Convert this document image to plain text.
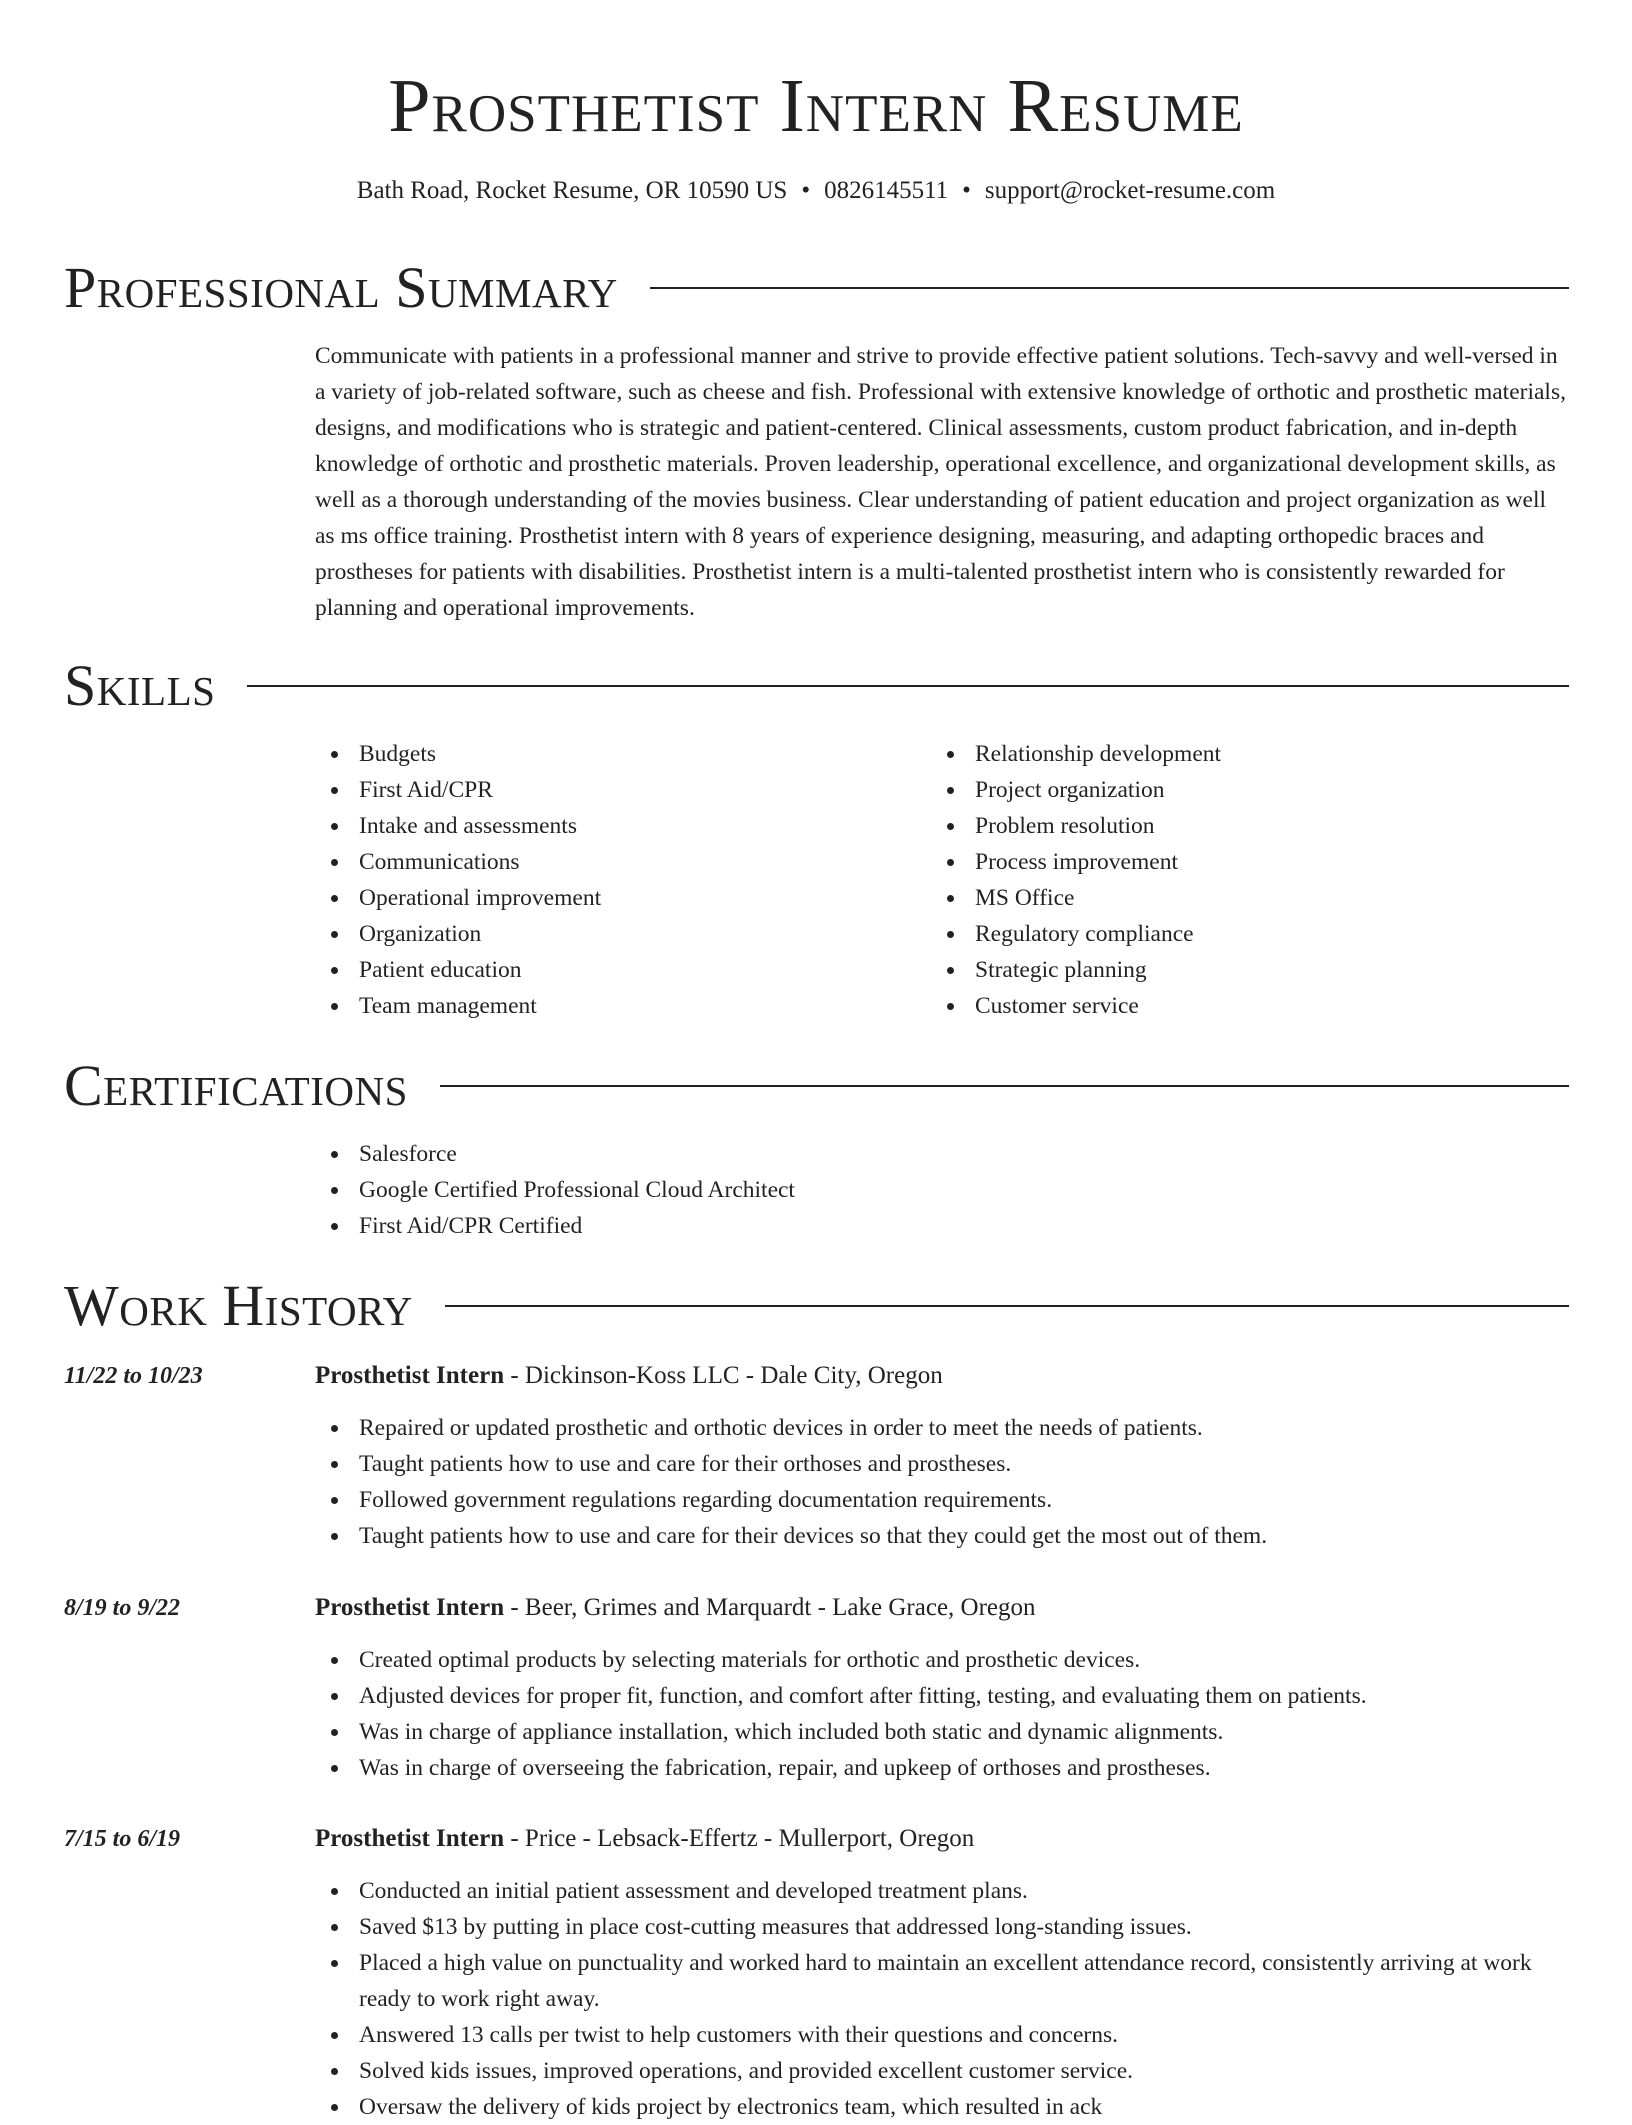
Prosthetist Intern Resume
Bath Road, Rocket Resume, OR 10590 US • 0826145511 • support@rocket-resume.com
Professional Summary

Communicate with patients in a professional manner and strive to provide effective patient solutions. Tech-savvy and well-versed in a variety of job-related software, such as cheese and fish. Professional with extensive knowledge of orthotic and prosthetic materials, designs, and modifications who is strategic and patient-centered. Clinical assessments, custom product fabrication, and in-depth knowledge of orthotic and prosthetic materials. Proven leadership, operational excellence, and organizational development skills, as well as a thorough understanding of the movies business. Clear understanding of patient education and project organization as well as ms office training. Prosthetist intern with 8 years of experience designing, measuring, and adapting orthopedic braces and prostheses for patients with disabilities. Prosthetist intern is a multi-talented prosthetist intern who is consistently rewarded for planning and operational improvements.

Skills
Budgets
First Aid/CPR
Intake and assessments
Communications
Operational improvement
Organization
Patient education
Team management
Relationship development
Project organization
Problem resolution
Process improvement
MS Office
Regulatory compliance
Strategic planning
Customer service
Certifications
Salesforce
Google Certified Professional Cloud Architect
First Aid/CPR Certified
Work History
11/22 to 10/23	Prosthetist Intern - Dickinson-Koss LLC - Dale City, Oregon
Repaired or updated prosthetic and orthotic devices in order to meet the needs of patients.
Taught patients how to use and care for their orthoses and prostheses.
Followed government regulations regarding documentation requirements.
Taught patients how to use and care for their devices so that they could get the most out of them.
8/19 to 9/22	Prosthetist Intern - Beer, Grimes and Marquardt - Lake Grace, Oregon
Created optimal products by selecting materials for orthotic and prosthetic devices.
Adjusted devices for proper fit, function, and comfort after fitting, testing, and evaluating them on patients.
Was in charge of appliance installation, which included both static and dynamic alignments.
Was in charge of overseeing the fabrication, repair, and upkeep of orthoses and prostheses.
7/15 to 6/19	Prosthetist Intern - Price - Lebsack-Effertz - Mullerport, Oregon
Conducted an initial patient assessment and developed treatment plans.
Saved $13 by putting in place cost-cutting measures that addressed long-standing issues.
Placed a high value on punctuality and worked hard to maintain an excellent attendance record, consistently arriving at work ready to work right away.
Answered 13 calls per twist to help customers with their questions and concerns.
Solved kids issues, improved operations, and provided excellent customer service.
Oversaw the delivery of kids project by electronics team, which resulted in ack
